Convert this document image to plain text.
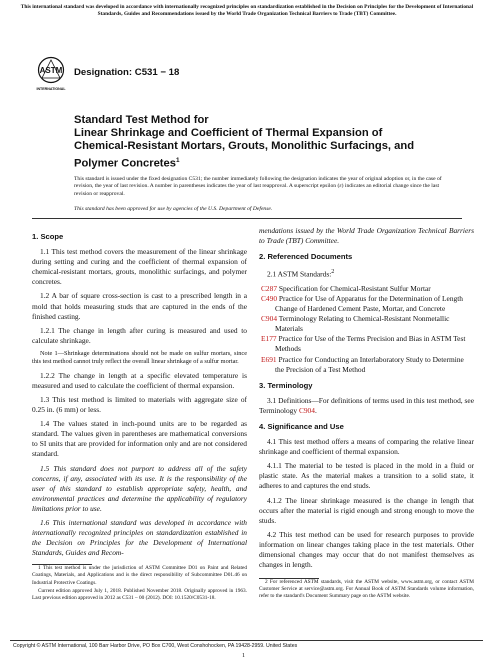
This international standard was developed in accordance with internationally recognized principles on standardization established in the Decision on Principles for the Development of International Standards, Guides and Recommendations issued by the World Trade Organization Technical Barriers to Trade (TBT) Committee.
ASTM
INTERNATIONAL
Designation: C531 − 18
Standard Test Method for
Linear Shrinkage and Coefficient of Thermal Expansion of Chemical-Resistant Mortars, Grouts, Monolithic Surfacings, and Polymer Concretes$^1$
This standard is issued under the fixed designation C531; the number immediately following the designation indicates the year of original adoption or, in the case of revision, the year of last revision. A number in parentheses indicates the year of last reapproval. A superscript epsilon (ε) indicates an editorial change since the last revision or reapproval.
This standard has been approved for use by agencies of the U.S. Department of Defense.
1. Scope

1.1 This test method covers the measurement of the linear shrinkage during setting and curing and the coefficient of thermal expansion of chemical-resistant mortars, grouts, monolithic surfacings, and polymer concretes.

1.2 A bar of square cross-section is cast to a prescribed length in a mold that holds measuring studs that are captured in the ends of the finished casting.

1.2.1 The change in length after curing is measured and used to calculate shrinkage.

Note 1—Shrinkage determinations should not be made on sulfur mortars, since this test method cannot truly reflect the overall linear shrinkage of a sulfur mortar.

1.2.2 The change in length at a specific elevated temperature is measured and used to calculate the coefficient of thermal expansion.

1.3 This test method is limited to materials with aggregate size of 0.25 in. (6 mm) or less.

1.4 The values stated in inch-pound units are to be regarded as standard. The values given in parentheses are mathematical conversions to SI units that are provided for information only and are not considered standard.

1.5 This standard does not purport to address all of the safety concerns, if any, associated with its use. It is the responsibility of the user of this standard to establish appropriate safety, health, and environmental practices and determine the applicability of regulatory limitations prior to use.

1.6 This international standard was developed in accordance with internationally recognized principles on standardization established in the Decision on Principles for the Development of International Standards, Guides and Recom-

1 This test method is under the jurisdiction of ASTM Committee D01 on Paint and Related Coatings, Materials, and Applications and is the direct responsibility of Subcommittee D01.46 on Industrial Protective Coatings.

Current edition approved July 1, 2018. Published November 2018. Originally approved in 1963. Last previous edition approved in 2012 as C531 – 00 (2012). DOI: 10.1520/C0531-18.

mendations issued by the World Trade Organization Technical Barriers to Trade (TBT) Committee.

2. Referenced Documents

2.1 ASTM Standards:$^2$

C287 Specification for Chemical-Resistant Sulfur Mortar
C490 Practice for Use of Apparatus for the Determination of Length Change of Hardened Cement Paste, Mortar, and Concrete
C904 Terminology Relating to Chemical-Resistant Nonmetallic Materials
E177 Practice for Use of the Terms Precision and Bias in ASTM Test Methods
E691 Practice for Conducting an Interlaboratory Study to Determine the Precision of a Test Method
3. Terminology

3.1 Definitions—For definitions of terms used in this test method, see Terminology C904.

4. Significance and Use

4.1 This test method offers a means of comparing the relative linear shrinkage and coefficient of thermal expansion.

4.1.1 The material to be tested is placed in the mold in a fluid or plastic state. As the material makes a transition to a solid state, it adheres to and captures the end studs.

4.1.2 The linear shrinkage measured is the change in length that occurs after the material is rigid enough and strong enough to move the studs.

4.2 This test method can be used for research purposes to provide information on linear changes taking place in the test materials. Other dimensional changes may occur that do not manifest themselves as changes in length.

2 For referenced ASTM standards, visit the ASTM website, www.astm.org, or contact ASTM Customer Service at service@astm.org. For Annual Book of ASTM Standards volume information, refer to the standard's Document Summary page on the ASTM website.

Copyright © ASTM International, 100 Barr Harbor Drive, PO Box C700, West Conshohocken, PA 19428-2959. United States
1
